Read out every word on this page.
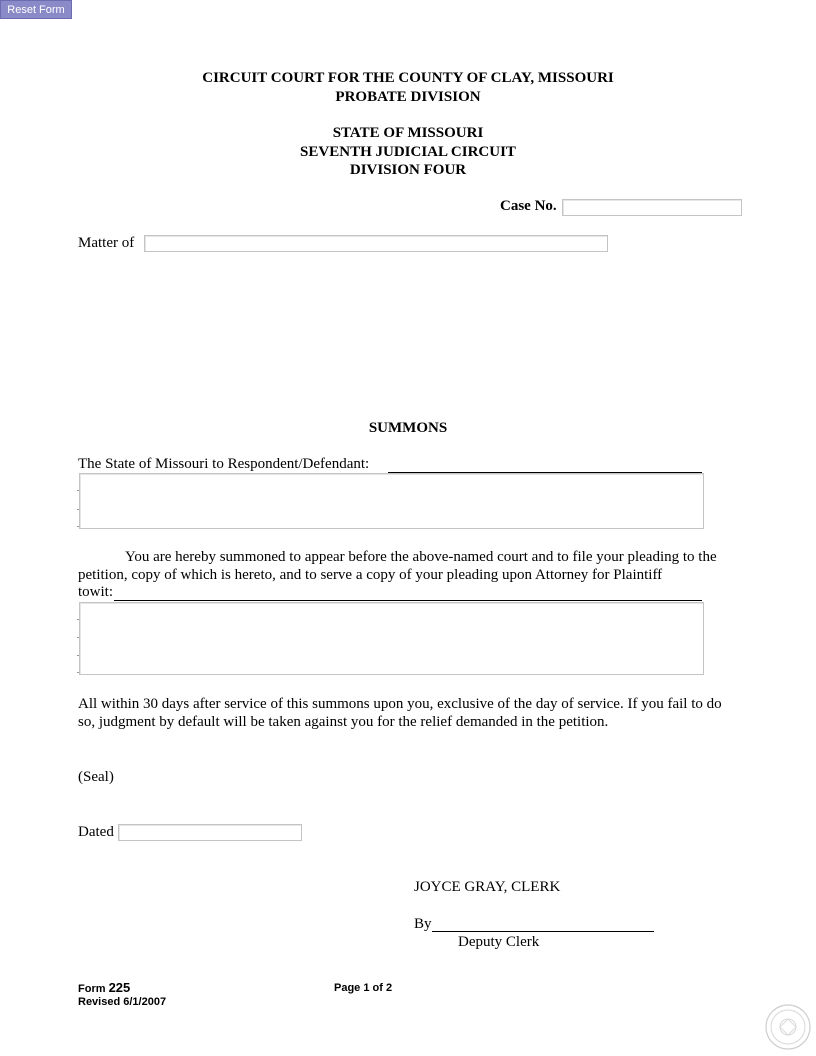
Reset Form
CIRCUIT COURT FOR THE COUNTY OF CLAY, MISSOURI
PROBATE DIVISION
STATE OF MISSOURI
SEVENTH JUDICIAL CIRCUIT
DIVISION FOUR
Case No.
Matter of
SUMMONS
The State of Missouri to Respondent/Defendant:
You are hereby summoned to appear before the above-named court and to file your pleading to the petition, copy of which is hereto, and to serve a copy of your pleading upon Attorney for Plaintiff
towit:
All within 30 days after service of this summons upon you, exclusive of the day of service. If you fail to do so, judgment by default will be taken against you for the relief demanded in the petition.
(Seal)
Dated
JOYCE GRAY, CLERK
By
Deputy Clerk
Form 225
Revised 6/1/2007
Page 1 of 2
